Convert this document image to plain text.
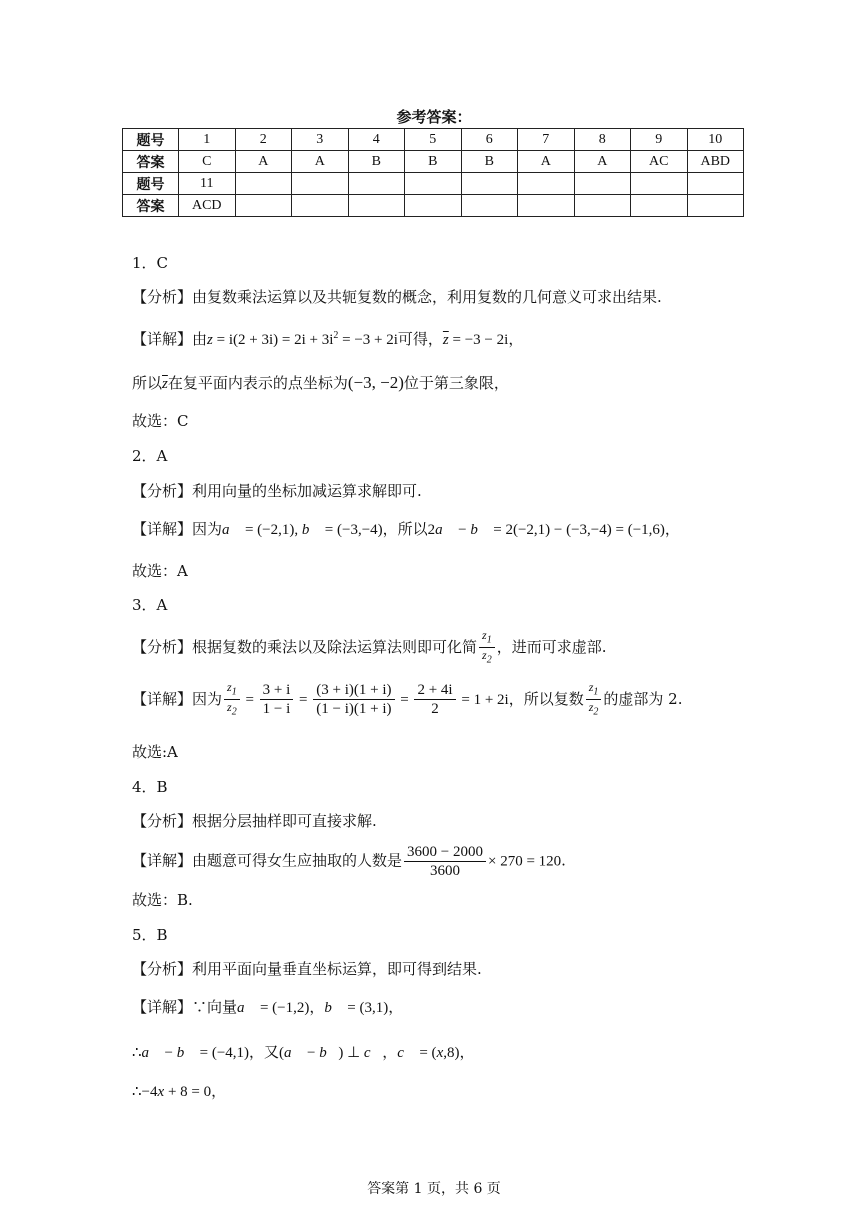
参考答案：
题号	1	2	3	4	5	6	7	8	9	10
答案	C	A	A	B	B	B	A	A	AC	ABD
题号	11									
答案	ACD									
1．C
【分析】由复数乘法运算以及共轭复数的概念，利用复数的几何意义可求出结果.
【详解】由$z = i(2 + 3i) = 2i + 3i^2 = -3 + 2i$可得，$\overline{z} = -3 - 2i$，
所以$\overline{z}$在复平面内表示的点坐标为(−3, −2)位于第三象限，
故选：C
2．A
【分析】利用向量的坐标加减运算求解即可.
【详解】因为a⃗ = (−2,1), b⃗ = (−3,−4)，所以2a⃗ − b⃗ = 2(−2,1) − (−3,−4) = (−1,6)，
故选：A
3．A
【分析】根据复数的乘法以及除法运算法则即可化简 $\frac{z_1}{z_2}$ ，进而可求虚部.
【详解】因为 $\frac{z_1}{z_2} = \frac{3 + i}{1 - i} = \frac{(3 + i)(1 + i)}{(1 - i)(1 + i)} = \frac{2 + 4i}{2} = 1 + 2i$，所以复数 $\frac{z_1}{z_2}$ 的虚部为 2.
故选:A
4．B
【分析】根据分层抽样即可直接求解.
【详解】由题意可得女生应抽取的人数是 $\frac{3600 - 2000}{3600} \times 270 = 120$.
故选：B.
5．B
【分析】利用平面向量垂直坐标运算，即可得到结果.
【详解】∵向量a⃗ = (−1,2)，b⃗ = (3,1)，
∴a⃗ − b⃗ = (−4,1)，又(a⃗ − b⃗) ⊥ c⃗，c⃗ = (x,8)，
∴−4x + 8 = 0，
答案第 1 页，共 6 页
